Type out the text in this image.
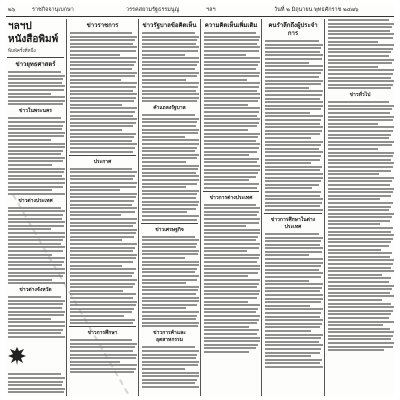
๒๖	ราชกิจจานุเบกษา	วรรคสยามรัฐธรรมนูญ	ฯลฯ	วันที่ ๒ มิถุนายน พุทธศักราช ๒๔๗๖
ฯลฯปหนังสือพิมพ์
พิมพ์ครั้งที่หนึ่ง
ข่าวยุทธศาสตร์
ข่าวในพระนคร
ข่าวต่างประเทศ
ข่าวต่างจังหวัด
ข่าวราชการ
ประกาศ
ข่าวการศึกษา
ข่าวรัฐบาลข้อคิดเห็น
คำแถลงรัฐบาล
ข่าวเศรษฐกิจ
ข่าวการค้าและอุตสาหกรรม
ความคิดเห็นเพิ่มเติม
ข่าวการต่างประเทศ
คนรำลึกถึงผู้ประจำการ
ข่าวการศึกษาในต่างประเทศ
ข่าวทั่วไป
